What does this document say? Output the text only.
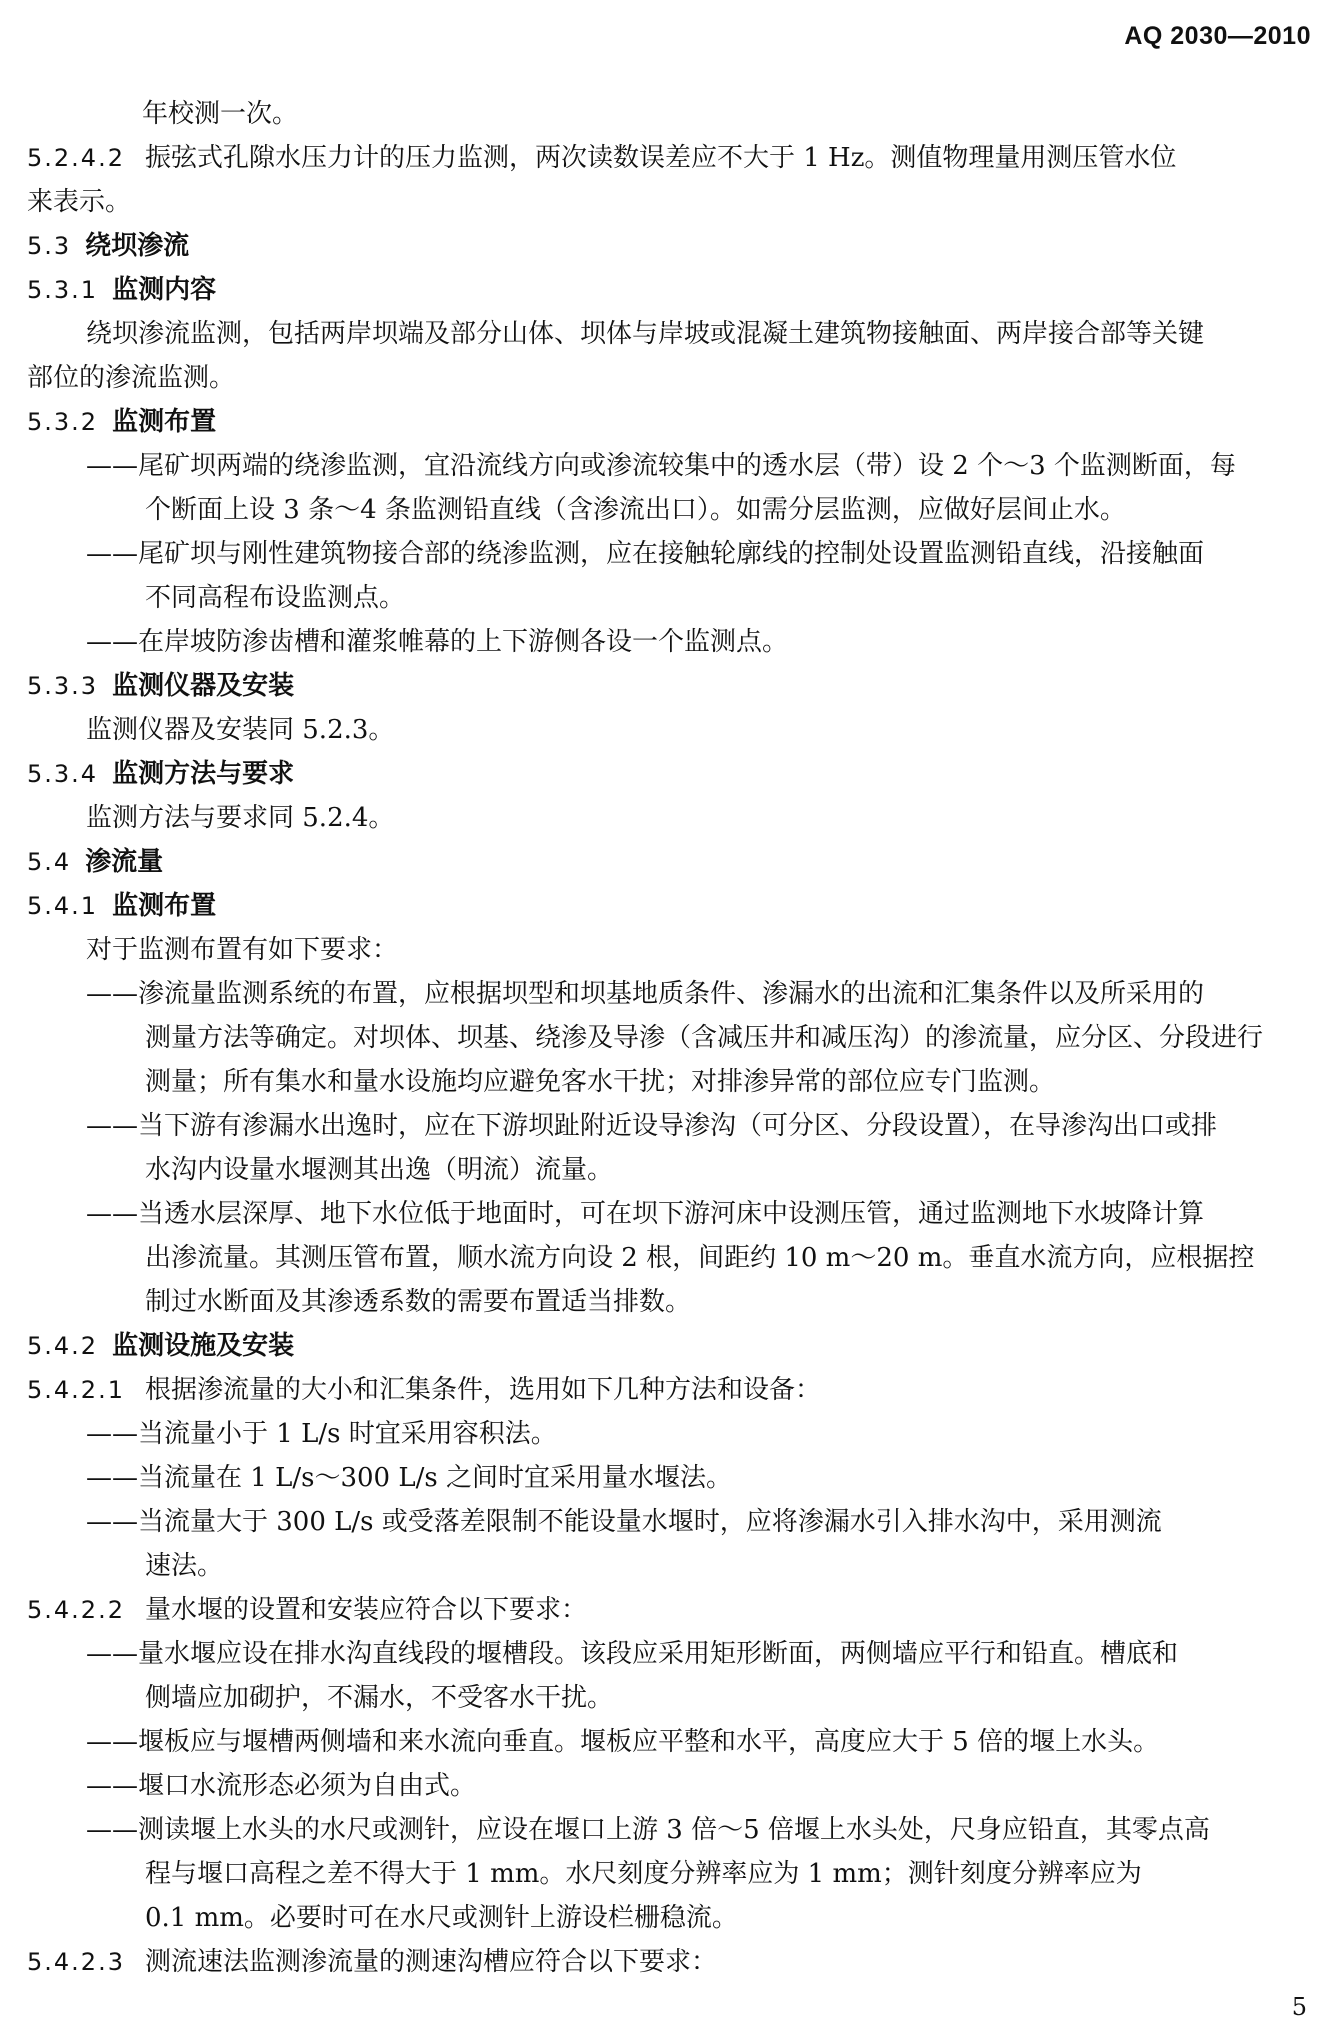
AQ 2030—2010
年校测一次。
5.2.4.2 振弦式孔隙水压力计的压力监测，两次读数误差应不大于 1 Hz。测值物理量用测压管水位
来表示。
5.3 绕坝渗流
5.3.1 监测内容
绕坝渗流监测，包括两岸坝端及部分山体、坝体与岸坡或混凝土建筑物接触面、两岸接合部等关键
部位的渗流监测。
5.3.2 监测布置
——尾矿坝两端的绕渗监测，宜沿流线方向或渗流较集中的透水层（带）设 2 个～3 个监测断面，每
个断面上设 3 条～4 条监测铅直线（含渗流出口）。如需分层监测，应做好层间止水。
——尾矿坝与刚性建筑物接合部的绕渗监测，应在接触轮廓线的控制处设置监测铅直线，沿接触面
不同高程布设监测点。
——在岸坡防渗齿槽和灌浆帷幕的上下游侧各设一个监测点。
5.3.3 监测仪器及安装
监测仪器及安装同 5.2.3。
5.3.4 监测方法与要求
监测方法与要求同 5.2.4。
5.4 渗流量
5.4.1 监测布置
对于监测布置有如下要求：
——渗流量监测系统的布置，应根据坝型和坝基地质条件、渗漏水的出流和汇集条件以及所采用的
测量方法等确定。对坝体、坝基、绕渗及导渗（含减压井和减压沟）的渗流量，应分区、分段进行
测量；所有集水和量水设施均应避免客水干扰；对排渗异常的部位应专门监测。
——当下游有渗漏水出逸时，应在下游坝趾附近设导渗沟（可分区、分段设置），在导渗沟出口或排
水沟内设量水堰测其出逸（明流）流量。
——当透水层深厚、地下水位低于地面时，可在坝下游河床中设测压管，通过监测地下水坡降计算
出渗流量。其测压管布置，顺水流方向设 2 根，间距约 10 m～20 m。垂直水流方向，应根据控
制过水断面及其渗透系数的需要布置适当排数。
5.4.2 监测设施及安装
5.4.2.1 根据渗流量的大小和汇集条件，选用如下几种方法和设备：
——当流量小于 1 L/s 时宜采用容积法。
——当流量在 1 L/s～300 L/s 之间时宜采用量水堰法。
——当流量大于 300 L/s 或受落差限制不能设量水堰时，应将渗漏水引入排水沟中，采用测流
速法。
5.4.2.2 量水堰的设置和安装应符合以下要求：
——量水堰应设在排水沟直线段的堰槽段。该段应采用矩形断面，两侧墙应平行和铅直。槽底和
侧墙应加砌护，不漏水，不受客水干扰。
——堰板应与堰槽两侧墙和来水流向垂直。堰板应平整和水平，高度应大于 5 倍的堰上水头。
——堰口水流形态必须为自由式。
——测读堰上水头的水尺或测针，应设在堰口上游 3 倍～5 倍堰上水头处，尺身应铅直，其零点高
程与堰口高程之差不得大于 1 mm。水尺刻度分辨率应为 1 mm；测针刻度分辨率应为
0.1 mm。必要时可在水尺或测针上游设栏栅稳流。
5.4.2.3 测流速法监测渗流量的测速沟槽应符合以下要求：
5
